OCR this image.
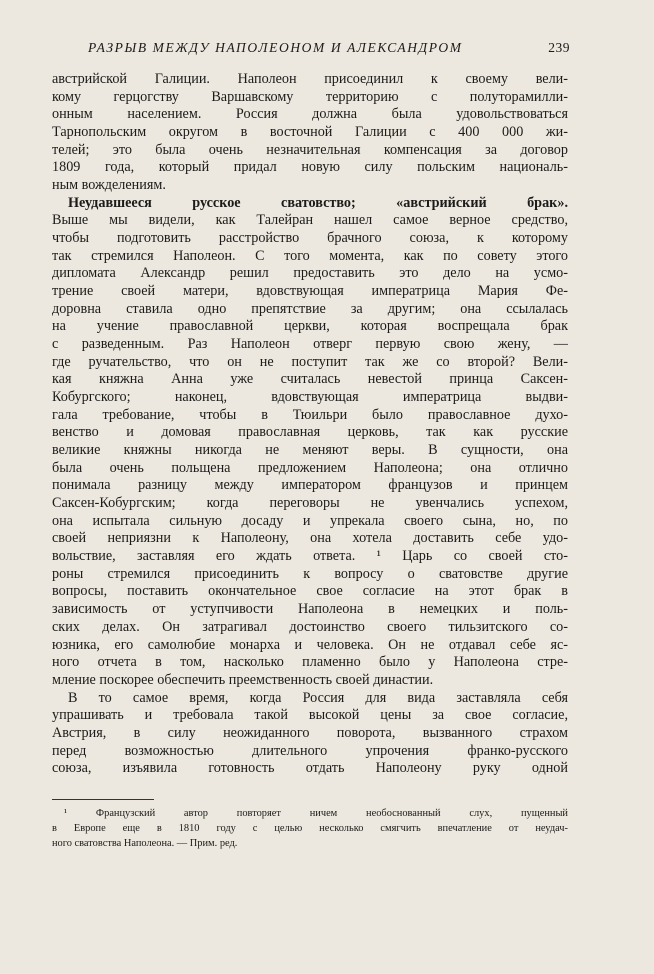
РАЗРЫВ МЕЖДУ НАПОЛЕОНОМ И АЛЕКСАНДРОМ	239
австрийской Галиции. Наполеон присоединил к своему вели-
кому герцогству Варшавскому территорию с полуторамилли-
онным населением. Россия должна была удовольствоваться
Тарнопольским округом в восточной Галиции с 400 000 жи-
телей; это была очень незначительная компенсация за договор
1809 года, который придал новую силу польским националь-
ным вожделениям.
Неудавшееся русское сватовство; «австрийский брак».
Выше мы видели, как Талейран нашел самое верное средство,
чтобы подготовить расстройство брачного союза, к которому
так стремился Наполеон. С того момента, как по совету этого
дипломата Александр решил предоставить это дело на усмо-
трение своей матери, вдовствующая императрица Мария Фе-
доровна ставила одно препятствие за другим; она ссылалась
на учение православной церкви, которая воспрещала брак
с разведенным. Раз Наполеон отверг первую свою жену, —
где ручательство, что он не поступит так же со второй? Вели-
кая княжна Анна уже считалась невестой принца Саксен-
Кобургского; наконец, вдовствующая императрица выдви-
гала требование, чтобы в Тюильри было православное духо-
венство и домовая православная церковь, так как русские
великие княжны никогда не меняют веры. В сущности, она
была очень польщена предложением Наполеона; она отлично
понимала разницу между императором французов и принцем
Саксен-Кобургским; когда переговоры не увенчались успехом,
она испытала сильную досаду и упрекала своего сына, но, по
своей неприязни к Наполеону, она хотела доставить себе удо-
вольствие, заставляя его ждать ответа. ¹ Царь со своей сто-
роны стремился присоединить к вопросу о сватовстве другие
вопросы, поставить окончательное свое согласие на этот брак в
зависимость от уступчивости Наполеона в немецких и поль-
ских делах. Он затрагивал достоинство своего тильзитского со-
юзника, его самолюбие монарха и человека. Он не отдавал себе яс-
ного отчета в том, насколько пламенно было у Наполеона стре-
мление поскорее обеспечить преемственность своей династии.
В то самое время, когда Россия для вида заставляла себя
упрашивать и требовала такой высокой цены за свое согласие,
Австрия, в силу неожиданного поворота, вызванного страхом
перед возможностью длительного упрочения франко-русского
союза, изъявила готовность отдать Наполеону руку одной
¹ Французский автор повторяет ничем необоснованный слух, пущенный
в Европе еще в 1810 году с целью несколько смягчить впечатление от неудач-
ного сватовства Наполеона. — Прим. ред.
